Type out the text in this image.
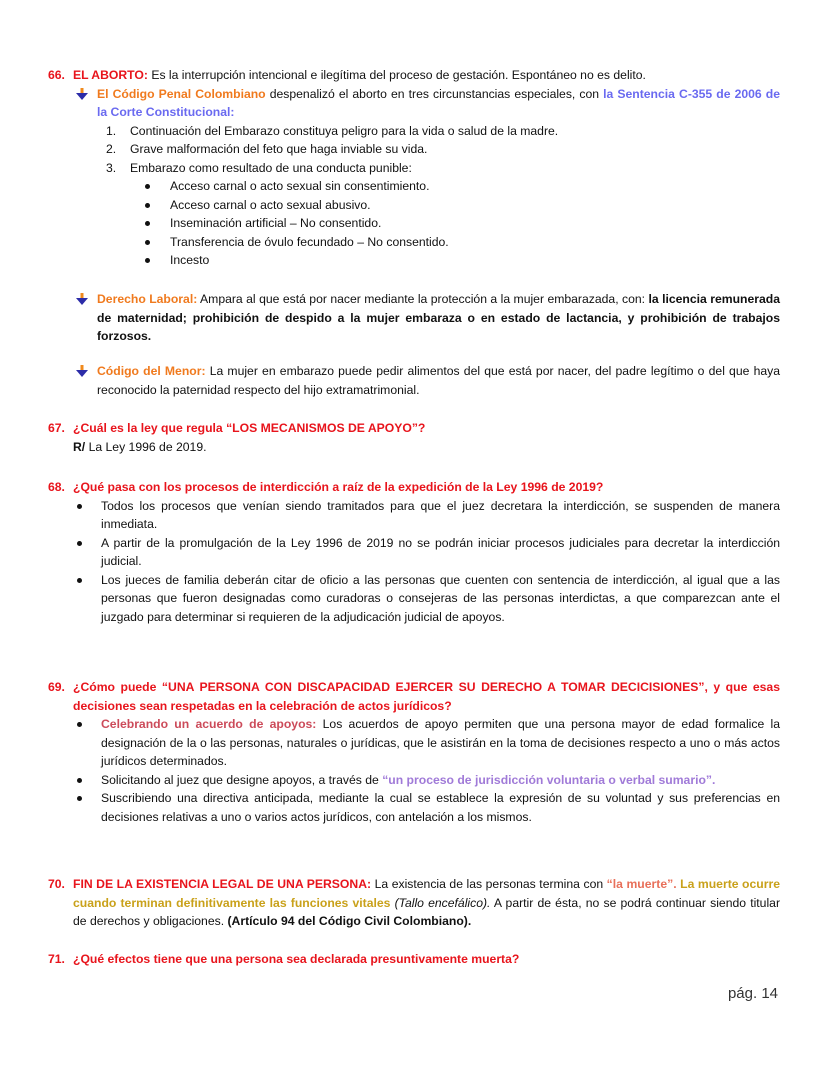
66. EL ABORTO: Es la interrupción intencional e ilegítima del proceso de gestación. Espontáneo no es delito.
El Código Penal Colombiano despenalizó el aborto en tres circunstancias especiales, con la Sentencia C-355 de 2006 de la Corte Constitucional:
1.	Continuación del Embarazo constituya peligro para la vida o salud de la madre.
2.	Grave malformación del feto que haga inviable su vida.
3.	Embarazo como resultado de una conducta punible:
Acceso carnal o acto sexual sin consentimiento.
Acceso carnal o acto sexual abusivo.
Inseminación artificial – No consentido.
Transferencia de óvulo fecundado – No consentido.
Incesto
Derecho Laboral: Ampara al que está por nacer mediante la protección a la mujer embarazada, con: la licencia remunerada de maternidad; prohibición de despido a la mujer embaraza o en estado de lactancia, y prohibición de trabajos forzosos.
Código del Menor: La mujer en embarazo puede pedir alimentos del que está por nacer, del padre legítimo o del que haya reconocido la paternidad respecto del hijo extramatrimonial.
67. ¿Cuál es la ley que regula “LOS MECANISMOS DE APOYO”?
R/ La Ley 1996 de 2019.
68. ¿Qué pasa con los procesos de interdicción a raíz de la expedición de la Ley 1996 de 2019?
Todos los procesos que venían siendo tramitados para que el juez decretara la interdicción, se suspenden de manera inmediata.
A partir de la promulgación de la Ley 1996 de 2019 no se podrán iniciar procesos judiciales para decretar la interdicción judicial.
Los jueces de familia deberán citar de oficio a las personas que cuenten con sentencia de interdicción, al igual que a las personas que fueron designadas como curadoras o consejeras de las personas interdictas, a que comparezcan ante el juzgado para determinar si requieren de la adjudicación judicial de apoyos.
69. ¿Cómo puede “UNA PERSONA CON DISCAPACIDAD EJERCER SU DERECHO A TOMAR DECICISIONES”, y que esas decisiones sean respetadas en la celebración de actos jurídicos?
Celebrando un acuerdo de apoyos: Los acuerdos de apoyo permiten que una persona mayor de edad formalice la designación de la o las personas, naturales o jurídicas, que le asistirán en la toma de decisiones respecto a uno o más actos jurídicos determinados.
Solicitando al juez que designe apoyos, a través de “un proceso de jurisdicción voluntaria o verbal sumario”.
Suscribiendo una directiva anticipada, mediante la cual se establece la expresión de su voluntad y sus preferencias en decisiones relativas a uno o varios actos jurídicos, con antelación a los mismos.
70. FIN DE LA EXISTENCIA LEGAL DE UNA PERSONA: La existencia de las personas termina con “la muerte”. La muerte ocurre cuando terminan definitivamente las funciones vitales (Tallo encefálico). A partir de ésta, no se podrá continuar siendo titular de derechos y obligaciones. (Artículo 94 del Código Civil Colombiano).
71. ¿Qué efectos tiene que una persona sea declarada presuntivamente muerta?
pág. 14
